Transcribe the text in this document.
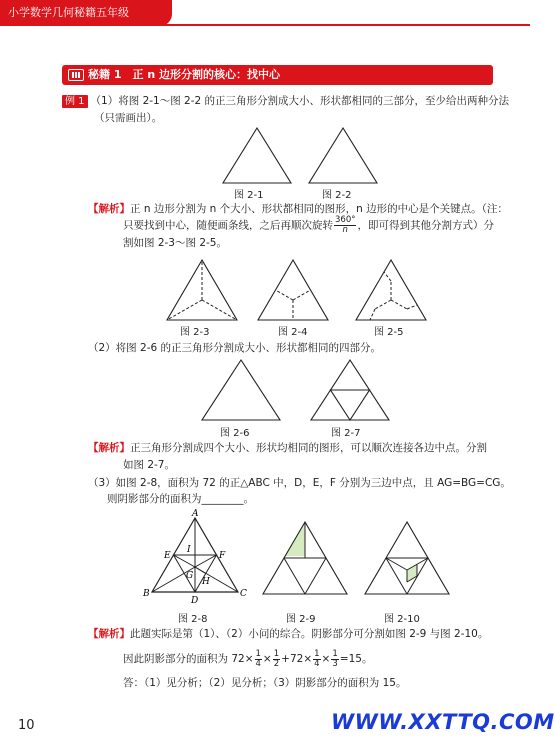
小学数学几何秘籍五年级
秘籍 1　正 n 边形分割的核心：找中心
例 1 （1）将图 2-1～图 2-2 的正三角形分割成大小、形状都相同的三部分，至少给出两种分法
（只需画出）。
图 2-1	图 2-2
【解析】正 n 边形分割为 n 个大小、形状都相同的图形，n 边形的中心是个关键点。（注：
只要找到中心，随便画条线，之后再顺次旋转 $\frac{360^\circ}{n}$ ，即可得到其他分割方式）分
割如图 2-3～图 2-5。
图 2-3	图 2-4	图 2-5
（2）将图 2-6 的正三角形分割成大小、形状都相同的四部分。
图 2-6	图 2-7
【解析】正三角形分割成四个大小、形状均相同的图形，可以顺次连接各边中点。分割
如图 2-7。
（3）如图 2-8，面积为 72 的正△ABC 中，D，E，F 分别为三边中点，且 AG=BG=CG。
则阴影部分的面积为________。
A
B	C
D
E	F
G
H
I
图 2-8	图 2-9	图 2-10
【解析】此题实际是第（1）、（2）小问的综合。阴影部分可分割如图 2-9 与图 2-10。
因此阴影部分的面积为 $72\times \frac{1}{4} \times \frac{1}{2} +72\times \frac{1}{4} \times \frac{1}{3} =15$。
答：（1）见分析；（2）见分析；（3）阴影部分的面积为 15。
10	WWW.XXTTQ.COM
